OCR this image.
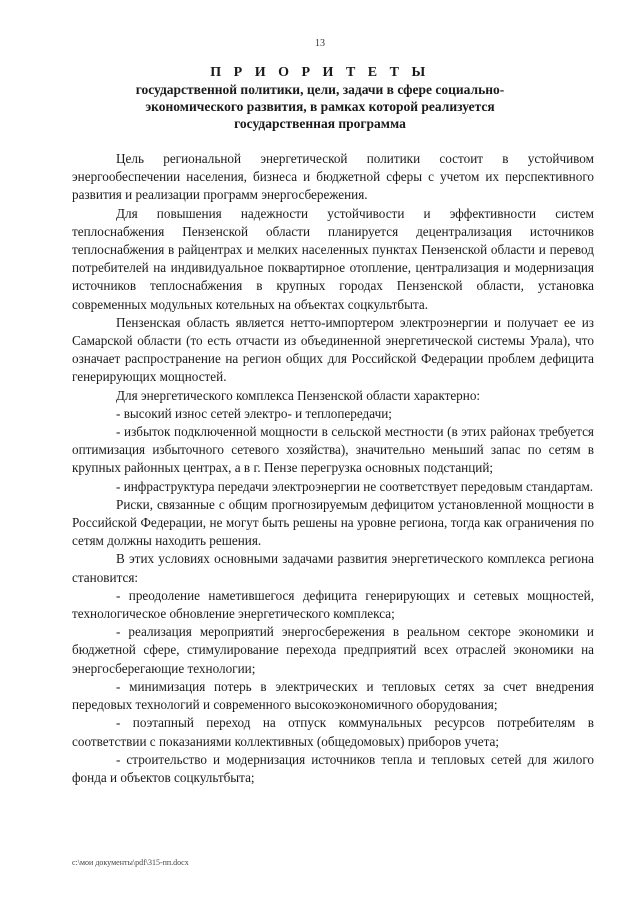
13
П Р И О Р И Т Е Т Ы
государственной политики, цели, задачи в сфере социально-
экономического развития, в рамках которой реализуется
государственная программа

Цель региональной энергетической политики состоит в устойчивом энергообеспечении населения, бизнеса и бюджетной сферы с учетом их перспективного развития и реализации программ энергосбережения.

Для повышения надежности устойчивости и эффективности систем теплоснабжения Пензенской области планируется децентрализация источников теплоснабжения в райцентрах и мелких населенных пунктах Пензенской области и перевод потребителей на индивидуальное поквартирное отопление, централизация и модернизация источников теплоснабжения в крупных городах Пензенской области, установка современных модульных котельных на объектах соцкультбыта.

Пензенская область является нетто-импортером электроэнергии и получает ее из Самарской области (то есть отчасти из объединенной энергетической системы Урала), что означает распространение на регион общих для Российской Федерации проблем дефицита генерирующих мощностей.

Для энергетического комплекса Пензенской области характерно:

- высокий износ сетей электро- и теплопередачи;

- избыток подключенной мощности в сельской местности (в этих районах требуется оптимизация избыточного сетевого хозяйства), значительно меньший запас по сетям в крупных районных центрах, а в г. Пензе перегрузка основных подстанций;

- инфраструктура передачи электроэнергии не соответствует передовым стандартам.

Риски, связанные с общим прогнозируемым дефицитом установленной мощности в Российской Федерации, не могут быть решены на уровне региона, тогда как ограничения по сетям должны находить решения.

В этих условиях основными задачами развития энергетического комплекса региона становится:

- преодоление наметившегося дефицита генерирующих и сетевых мощностей, технологическое обновление энергетического комплекса;

- реализация мероприятий энергосбережения в реальном секторе экономики и бюджетной сфере, стимулирование перехода предприятий всех отраслей экономики на энергосберегающие технологии;

- минимизация потерь в электрических и тепловых сетях за счет внедрения передовых технологий и современного высокоэкономичного оборудования;

- поэтапный переход на отпуск коммунальных ресурсов потребителям в соответствии с показаниями коллективных (общедомовых) приборов учета;

- строительство и модернизация источников тепла и тепловых сетей для жилого фонда и объектов соцкультбыта;

c:\мои документы\pdf\315-пп.docx
